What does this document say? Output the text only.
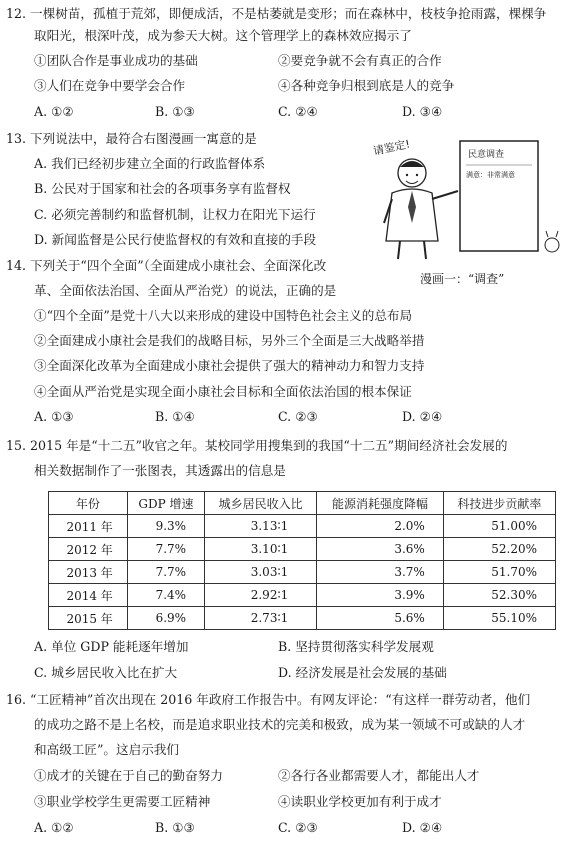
12. 一棵树苗，孤植于荒郊，即便成活，不是枯萎就是变形；而在森林中，枝枝争抢雨露，棵棵争
取阳光，根深叶茂，成为参天大树。这个管理学上的森林效应揭示了
①团队合作是事业成功的基础	②要竞争就不会有真正的合作
③人们在竞争中要学会合作	④各种竞争归根到底是人的竞争
A. ①②	B. ①③	C. ②④	D. ③④
13. 下列说法中，最符合右图漫画一寓意的是
A. 我们已经初步建立全面的行政监督体系
B. 公民对于国家和社会的各项事务享有监督权
C. 必须完善制约和监督机制，让权力在阳光下运行
D. 新闻监督是公民行使监督权的有效和直接的手段
民意调查
满意：非常满意
请鉴定!
漫画一：“调查”
14. 下列关于“四个全面”（全面建成小康社会、全面深化改
革、全面依法治国、全面从严治党）的说法，正确的是
①“四个全面”是党十八大以来形成的建设中国特色社会主义的总布局
②全面建成小康社会是我们的战略目标，另外三个全面是三大战略举措
③全面深化改革为全面建成小康社会提供了强大的精神动力和智力支持
④全面从严治党是实现全面小康社会目标和全面依法治国的根本保证
A. ①③	B. ①④	C. ②③	D. ②④
15. 2015 年是“十二五”收官之年。某校同学用搜集到的我国“十二五”期间经济社会发展的
相关数据制作了一张图表，其透露出的信息是
年份	GDP 增速	城乡居民收入比	能源消耗强度降幅	科技进步贡献率
2011 年	9.3%	3.13∶1	2.0%	51.00%
2012 年	7.7%	3.10∶1	3.6%	52.20%
2013 年	7.7%	3.03∶1	3.7%	51.70%
2014 年	7.4%	2.92∶1	3.9%	52.30%
2015 年	6.9%	2.73∶1	5.6%	55.10%
A. 单位 GDP 能耗逐年增加	B. 坚持贯彻落实科学发展观
C. 城乡居民收入比在扩大	D. 经济发展是社会发展的基础
16. “工匠精神”首次出现在 2016 年政府工作报告中。有网友评论：“有这样一群劳动者，他们
的成功之路不是上名校，而是追求职业技术的完美和极致，成为某一领域不可或缺的人才
和高级工匠”。这启示我们
①成才的关键在于自己的勤奋努力	②各行各业都需要人才，都能出人才
③职业学校学生更需要工匠精神	④读职业学校更加有利于成才
A. ①②	B. ①③	C. ②③	D. ②④
